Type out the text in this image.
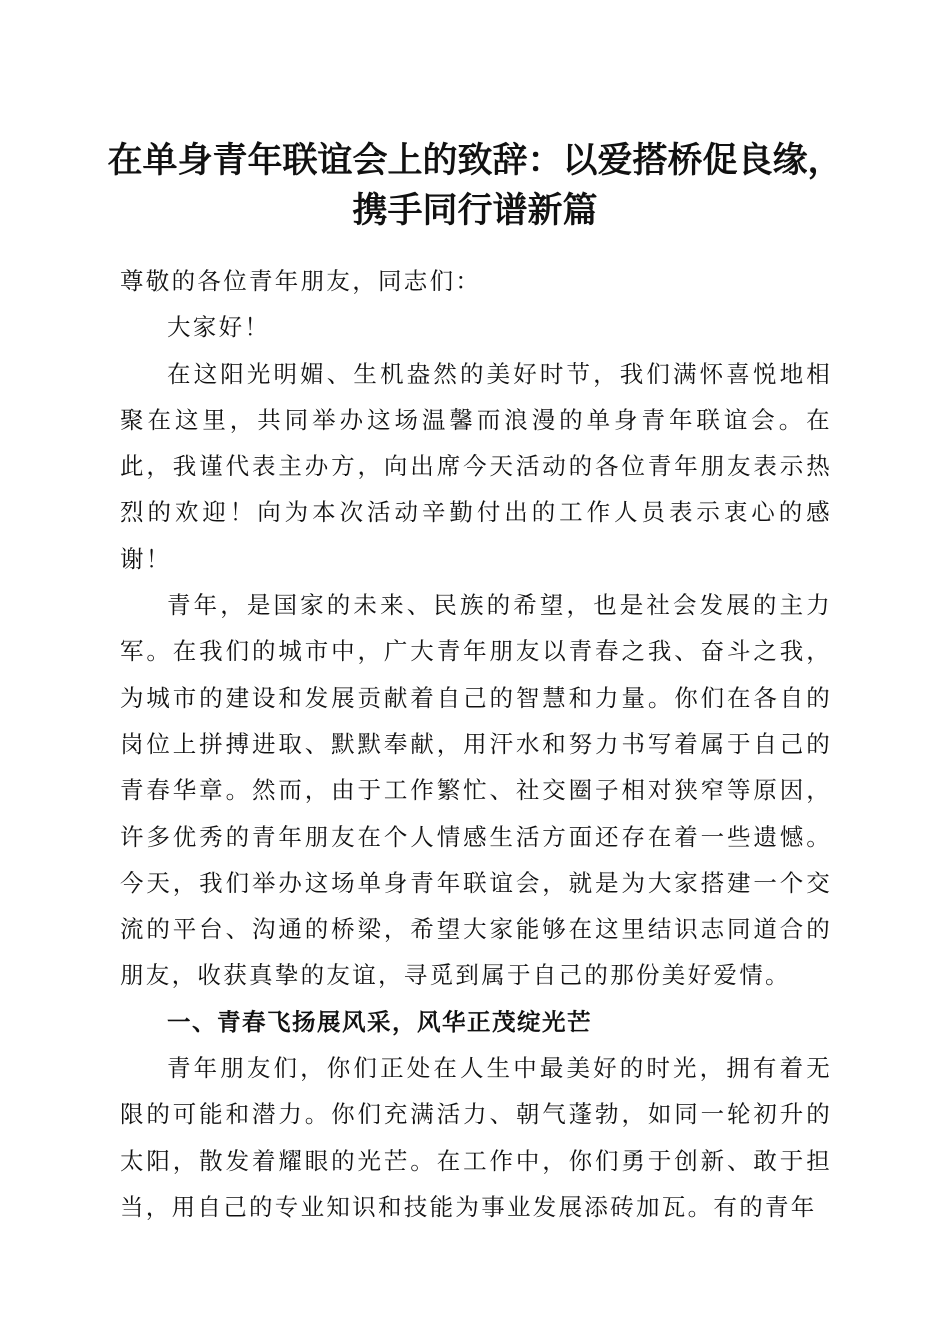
在单身青年联谊会上的致辞：以爱搭桥促良缘，
携手同行谱新篇

尊敬的各位青年朋友，同志们：

大家好！

在这阳光明媚、生机盎然的美好时节，我们满怀喜悦地相聚在这里，共同举办这场温馨而浪漫的单身青年联谊会。在此，我谨代表主办方，向出席今天活动的各位青年朋友表示热烈的欢迎！向为本次活动辛勤付出的工作人员表示衷心的感谢！

青年，是国家的未来、民族的希望，也是社会发展的主力军。在我们的城市中，广大青年朋友以青春之我、奋斗之我，为城市的建设和发展贡献着自己的智慧和力量。你们在各自的岗位上拼搏进取、默默奉献，用汗水和努力书写着属于自己的青春华章。然而，由于工作繁忙、社交圈子相对狭窄等原因，许多优秀的青年朋友在个人情感生活方面还存在着一些遗憾。今天，我们举办这场单身青年联谊会，就是为大家搭建一个交流的平台、沟通的桥梁，希望大家能够在这里结识志同道合的朋友，收获真挚的友谊，寻觅到属于自己的那份美好爱情。

一、青春飞扬展风采，风华正茂绽光芒

青年朋友们，你们正处在人生中最美好的时光，拥有着无限的可能和潜力。你们充满活力、朝气蓬勃，如同一轮初升的太阳，散发着耀眼的光芒。在工作中，你们勇于创新、敢于担当，用自己的专业知识和技能为事业发展添砖加瓦。有的青年
